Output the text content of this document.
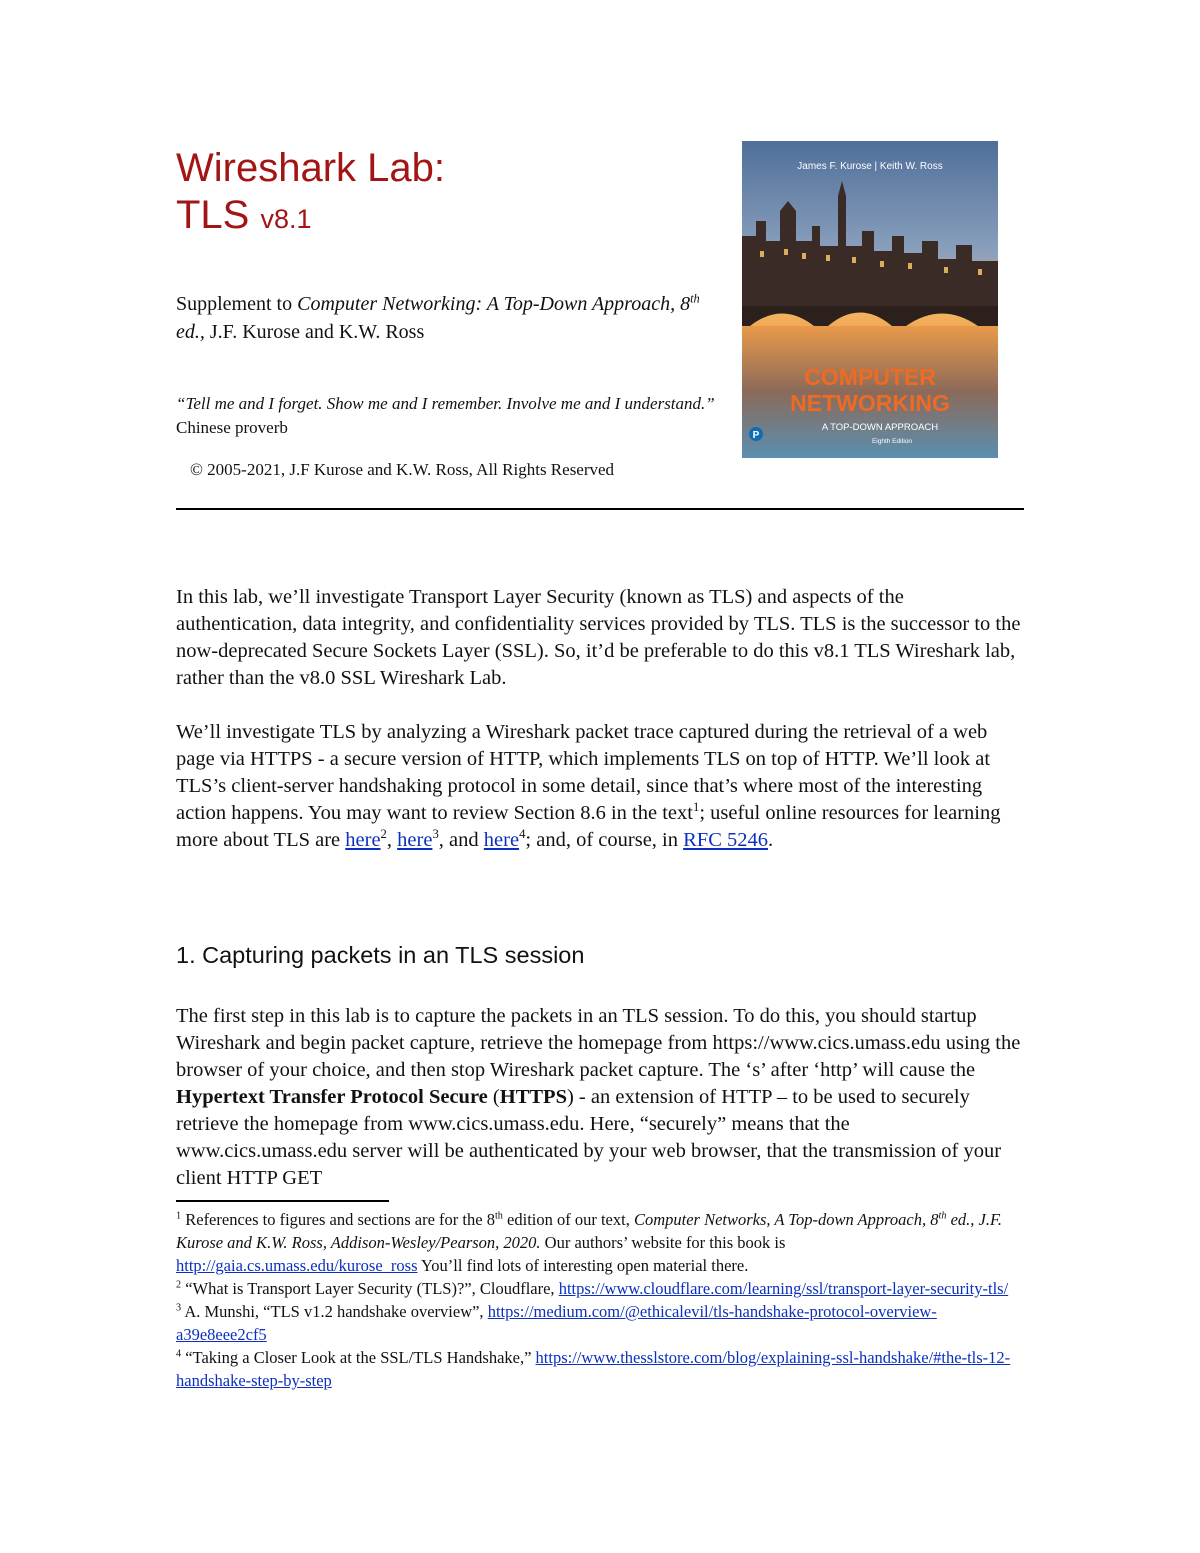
Wireshark Lab:
TLS v8.1
Supplement to Computer Networking: A Top-Down Approach, 8th ed., J.F. Kurose and K.W. Ross
“Tell me and I forget. Show me and I remember. Involve me and I understand.” Chinese proverb
© 2005-2021, J.F Kurose and K.W. Ross, All Rights Reserved
James F. Kurose | Keith W. Ross
COMPUTER
NETWORKING
A TOP-DOWN APPROACH
Eighth Edition
P

In this lab, we’ll investigate Transport Layer Security (known as TLS) and aspects of the authentication, data integrity, and confidentiality services provided by TLS. TLS is the successor to the now-deprecated Secure Sockets Layer (SSL). So, it’d be preferable to do this v8.1 TLS Wireshark lab, rather than the v8.0 SSL Wireshark Lab.

We’ll investigate TLS by analyzing a Wireshark packet trace captured during the retrieval of a web page via HTTPS - a secure version of HTTP, which implements TLS on top of HTTP. We’ll look at TLS’s client-server handshaking protocol in some detail, since that’s where most of the interesting action happens. You may want to review Section 8.6 in the text$^1$; useful online resources for learning more about TLS are here$^2$, here$^3$, and here$^4$; and, of course, in RFC 5246.

1. Capturing packets in an TLS session

The first step in this lab is to capture the packets in an TLS session. To do this, you should startup Wireshark and begin packet capture, retrieve the homepage from https://www.cics.umass.edu using the browser of your choice, and then stop Wireshark packet capture. The ‘s’ after ‘http’ will cause the Hypertext Transfer Protocol Secure (HTTPS) - an extension of HTTP – to be used to securely retrieve the homepage from www.cics.umass.edu. Here, “securely” means that the www.cics.umass.edu server will be authenticated by your web browser, that the transmission of your client HTTP GET

$^1$ References to figures and sections are for the 8th edition of our text, Computer Networks, A Top-down Approach, 8th ed., J.F. Kurose and K.W. Ross, Addison-Wesley/Pearson, 2020. Our authors’ website for this book is http://gaia.cs.umass.edu/kurose_ross You’ll find lots of interesting open material there.

$^2$ “What is Transport Layer Security (TLS)?”, Cloudflare, https://www.cloudflare.com/learning/ssl/transport-layer-security-tls/

$^3$ A. Munshi, “TLS v1.2 handshake overview”, https://medium.com/@ethicalevil/tls-handshake-protocol-overview-a39e8eee2cf5

$^4$ “Taking a Closer Look at the SSL/TLS Handshake,” https://www.thesslstore.com/blog/explaining-ssl-handshake/#the-tls-12-handshake-step-by-step
